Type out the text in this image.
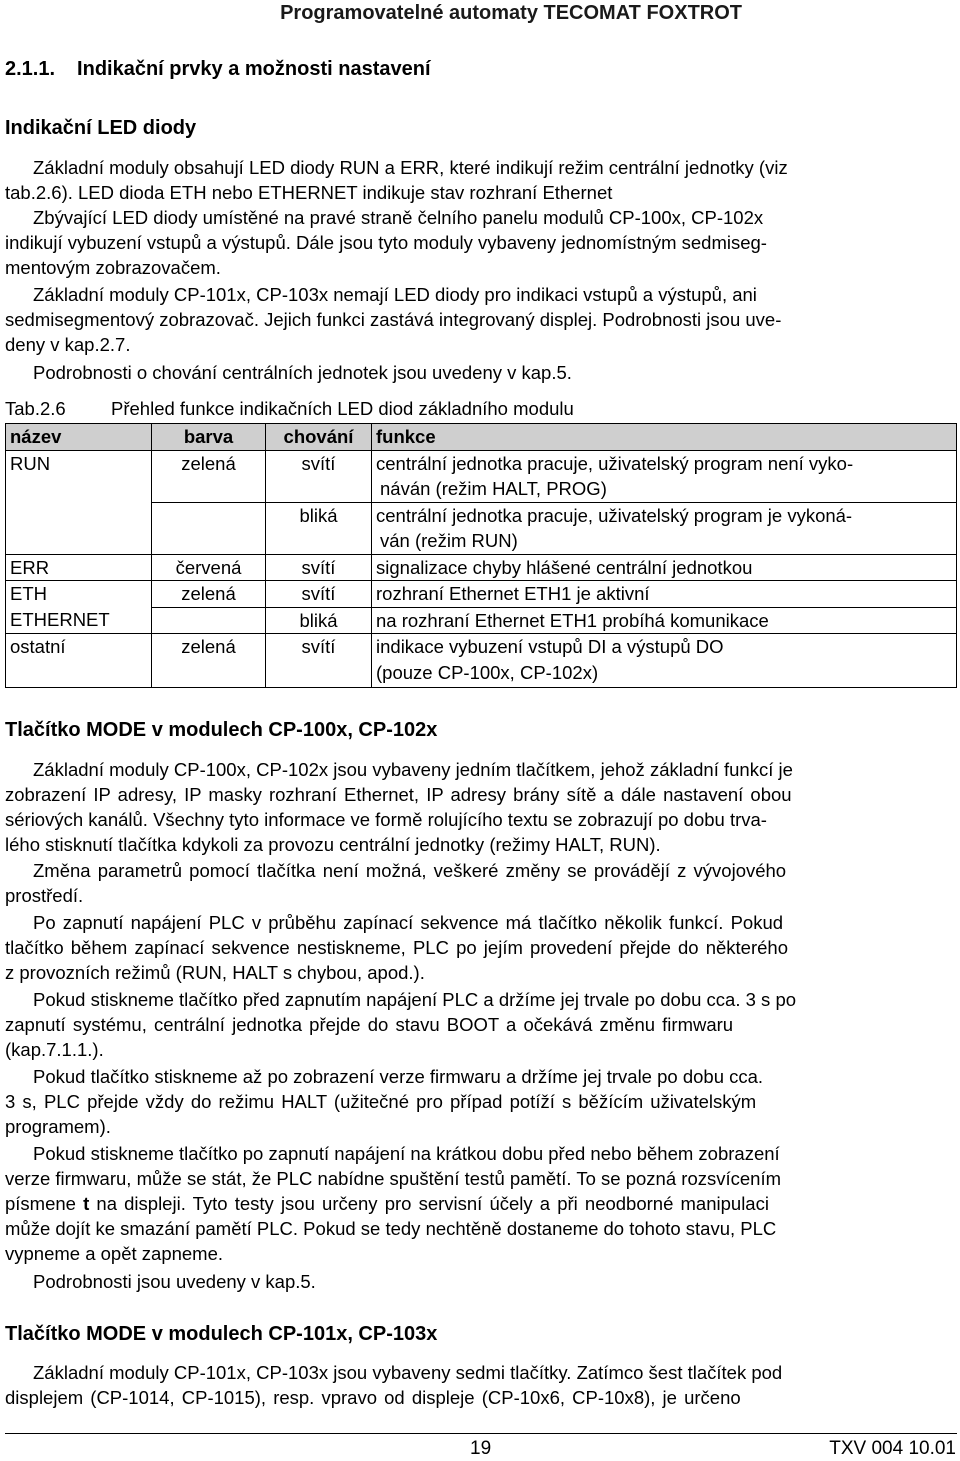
Programovatelné automaty TECOMAT FOXTROT
2.1.1. Indikační prvky a možnosti nastavení
Indikační LED diody
Základní moduly obsahují LED diody RUN a ERR, které indikují režim centrální jednotky (viz
tab.2.6). LED dioda ETH nebo ETHERNET indikuje stav rozhraní Ethernet
Zbývající LED diody umístěné na pravé straně čelního panelu modulů CP-100x, CP-102x
indikují vybuzení vstupů a výstupů. Dále jsou tyto moduly vybaveny jednomístným sedmiseg-
mentovým zobrazovačem.
Základní moduly CP-101x, CP-103x nemají LED diody pro indikaci vstupů a výstupů, ani
sedmisegmentový zobrazovač. Jejich funkci zastává integrovaný displej. Podrobnosti jsou uve-
deny v kap.2.7.
Podrobnosti o chování centrálních jednotek jsou uvedeny v kap.5.
Tab.2.6 Přehled funkce indikačních LED diod základního modulu
název	barva	chování	funkce
RUN	zelená	svítí	centrální jednotka pracuje, uživatelský program není vyko-
náván (režim HALT, PROG)
		bliká	centrální jednotka pracuje, uživatelský program je vykoná-
ván (režim RUN)
ERR	červená	svítí	signalizace chyby hlášené centrální jednotkou
ETH	zelená	svítí	rozhraní Ethernet ETH1 je aktivní
ETHERNET		bliká	na rozhraní Ethernet ETH1 probíhá komunikace
ostatní	zelená	svítí	indikace vybuzení vstupů DI a výstupů DO
(pouze CP-100x, CP-102x)
Tlačítko MODE v modulech CP-100x, CP-102x
Základní moduly CP-100x, CP-102x jsou vybaveny jedním tlačítkem, jehož základní funkcí je
zobrazení IP adresy, IP masky rozhraní Ethernet, IP adresy brány sítě a dále nastavení obou
sériových kanálů. Všechny tyto informace ve formě rolujícího textu se zobrazují po dobu trva-
lého stisknutí tlačítka kdykoli za provozu centrální jednotky (režimy HALT, RUN).
Změna parametrů pomocí tlačítka není možná, veškeré změny se provádějí z vývojového
prostředí.
Po zapnutí napájení PLC v průběhu zapínací sekvence má tlačítko několik funkcí. Pokud
tlačítko během zapínací sekvence nestiskneme, PLC po jejím provedení přejde do některého
z provozních režimů (RUN, HALT s chybou, apod.).
Pokud stiskneme tlačítko před zapnutím napájení PLC a držíme jej trvale po dobu cca. 3 s po
zapnutí systému, centrální jednotka přejde do stavu BOOT a očekává změnu firmwaru
(kap.7.1.1.).
Pokud tlačítko stiskneme až po zobrazení verze firmwaru a držíme jej trvale po dobu cca.
3 s, PLC přejde vždy do režimu HALT (užitečné pro případ potíží s běžícím uživatelským
programem).
Pokud stiskneme tlačítko po zapnutí napájení na krátkou dobu před nebo během zobrazení
verze firmwaru, může se stát, že PLC nabídne spuštění testů pamětí. To se pozná rozsvícením
písmene t na displeji. Tyto testy jsou určeny pro servisní účely a při neodborné manipulaci
může dojít ke smazání pamětí PLC. Pokud se tedy nechtěně dostaneme do tohoto stavu, PLC
vypneme a opět zapneme.
Podrobnosti jsou uvedeny v kap.5.
Tlačítko MODE v modulech CP-101x, CP-103x
Základní moduly CP-101x, CP-103x jsou vybaveny sedmi tlačítky. Zatímco šest tlačítek pod
displejem (CP-1014, CP-1015), resp. vpravo od displeje (CP-10x6, CP-10x8), je určeno
19	TXV 004 10.01
